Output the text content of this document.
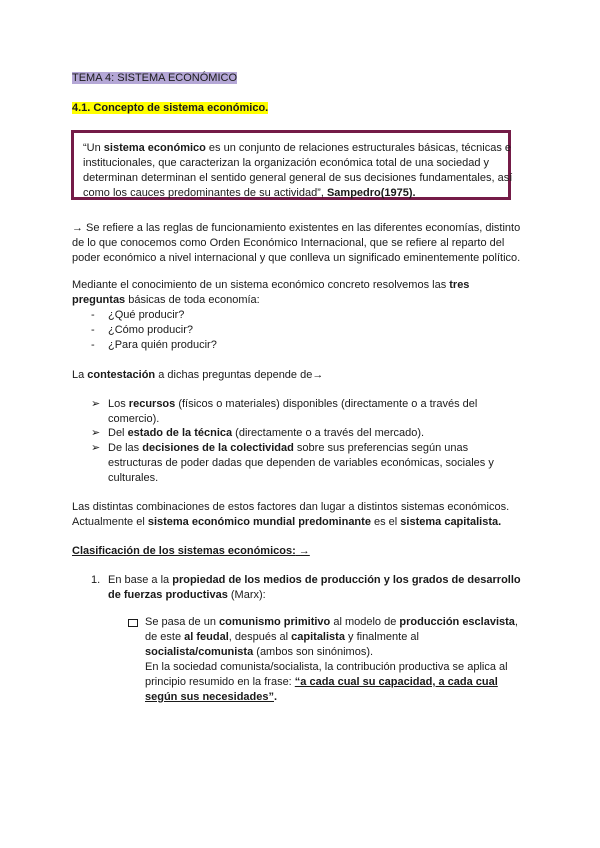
TEMA 4: SISTEMA ECONÓMICO

4.1. Concepto de sistema económico.

“Un sistema económico es un conjunto de relaciones estructurales básicas, técnicas e
institucionales, que caracterizan la organización económica total de una sociedad y
determinan determinan el sentido general general de sus decisiones fundamentales, así
como los cauces predominantes de su actividad”, Sampedro(1975).

→ Se refiere a las reglas de funcionamiento existentes en las diferentes economías, distinto
de lo que conocemos como Orden Económico Internacional, que se refiere al reparto del
poder económico a nivel internacional y que conlleva un significado eminentemente político.

Mediante el conocimiento de un sistema económico concreto resolvemos las tres
preguntas básicas de toda economía:

-	¿Qué producir?
-	¿Cómo producir?
-	¿Para quién producir?

La contestación a dichas preguntas depende de→

➢ Los recursos (físicos o materiales) disponibles (directamente o a través del
comercio).

➢ Del estado de la técnica (directamente o a través del mercado).

➢ De las decisiones de la colectividad sobre sus preferencias según unas
estructuras de poder dadas que dependen de variables económicas, sociales y
culturales.

Las distintas combinaciones de estos factores dan lugar a distintos sistemas económicos.
Actualmente el sistema económico mundial predominante es el sistema capitalista.

Clasificación de los sistemas económicos: →

1. En base a la propiedad de los medios de producción y los grados de desarrollo
de fuerzas productivas (Marx):

Se pasa de un comunismo primitivo al modelo de producción esclavista,
de este al feudal, después al capitalista y finalmente al
socialista/comunista (ambos son sinónimos).
En la sociedad comunista/socialista, la contribución productiva se aplica al
principio resumido en la frase: “a cada cual su capacidad, a cada cual
según sus necesidades”.
